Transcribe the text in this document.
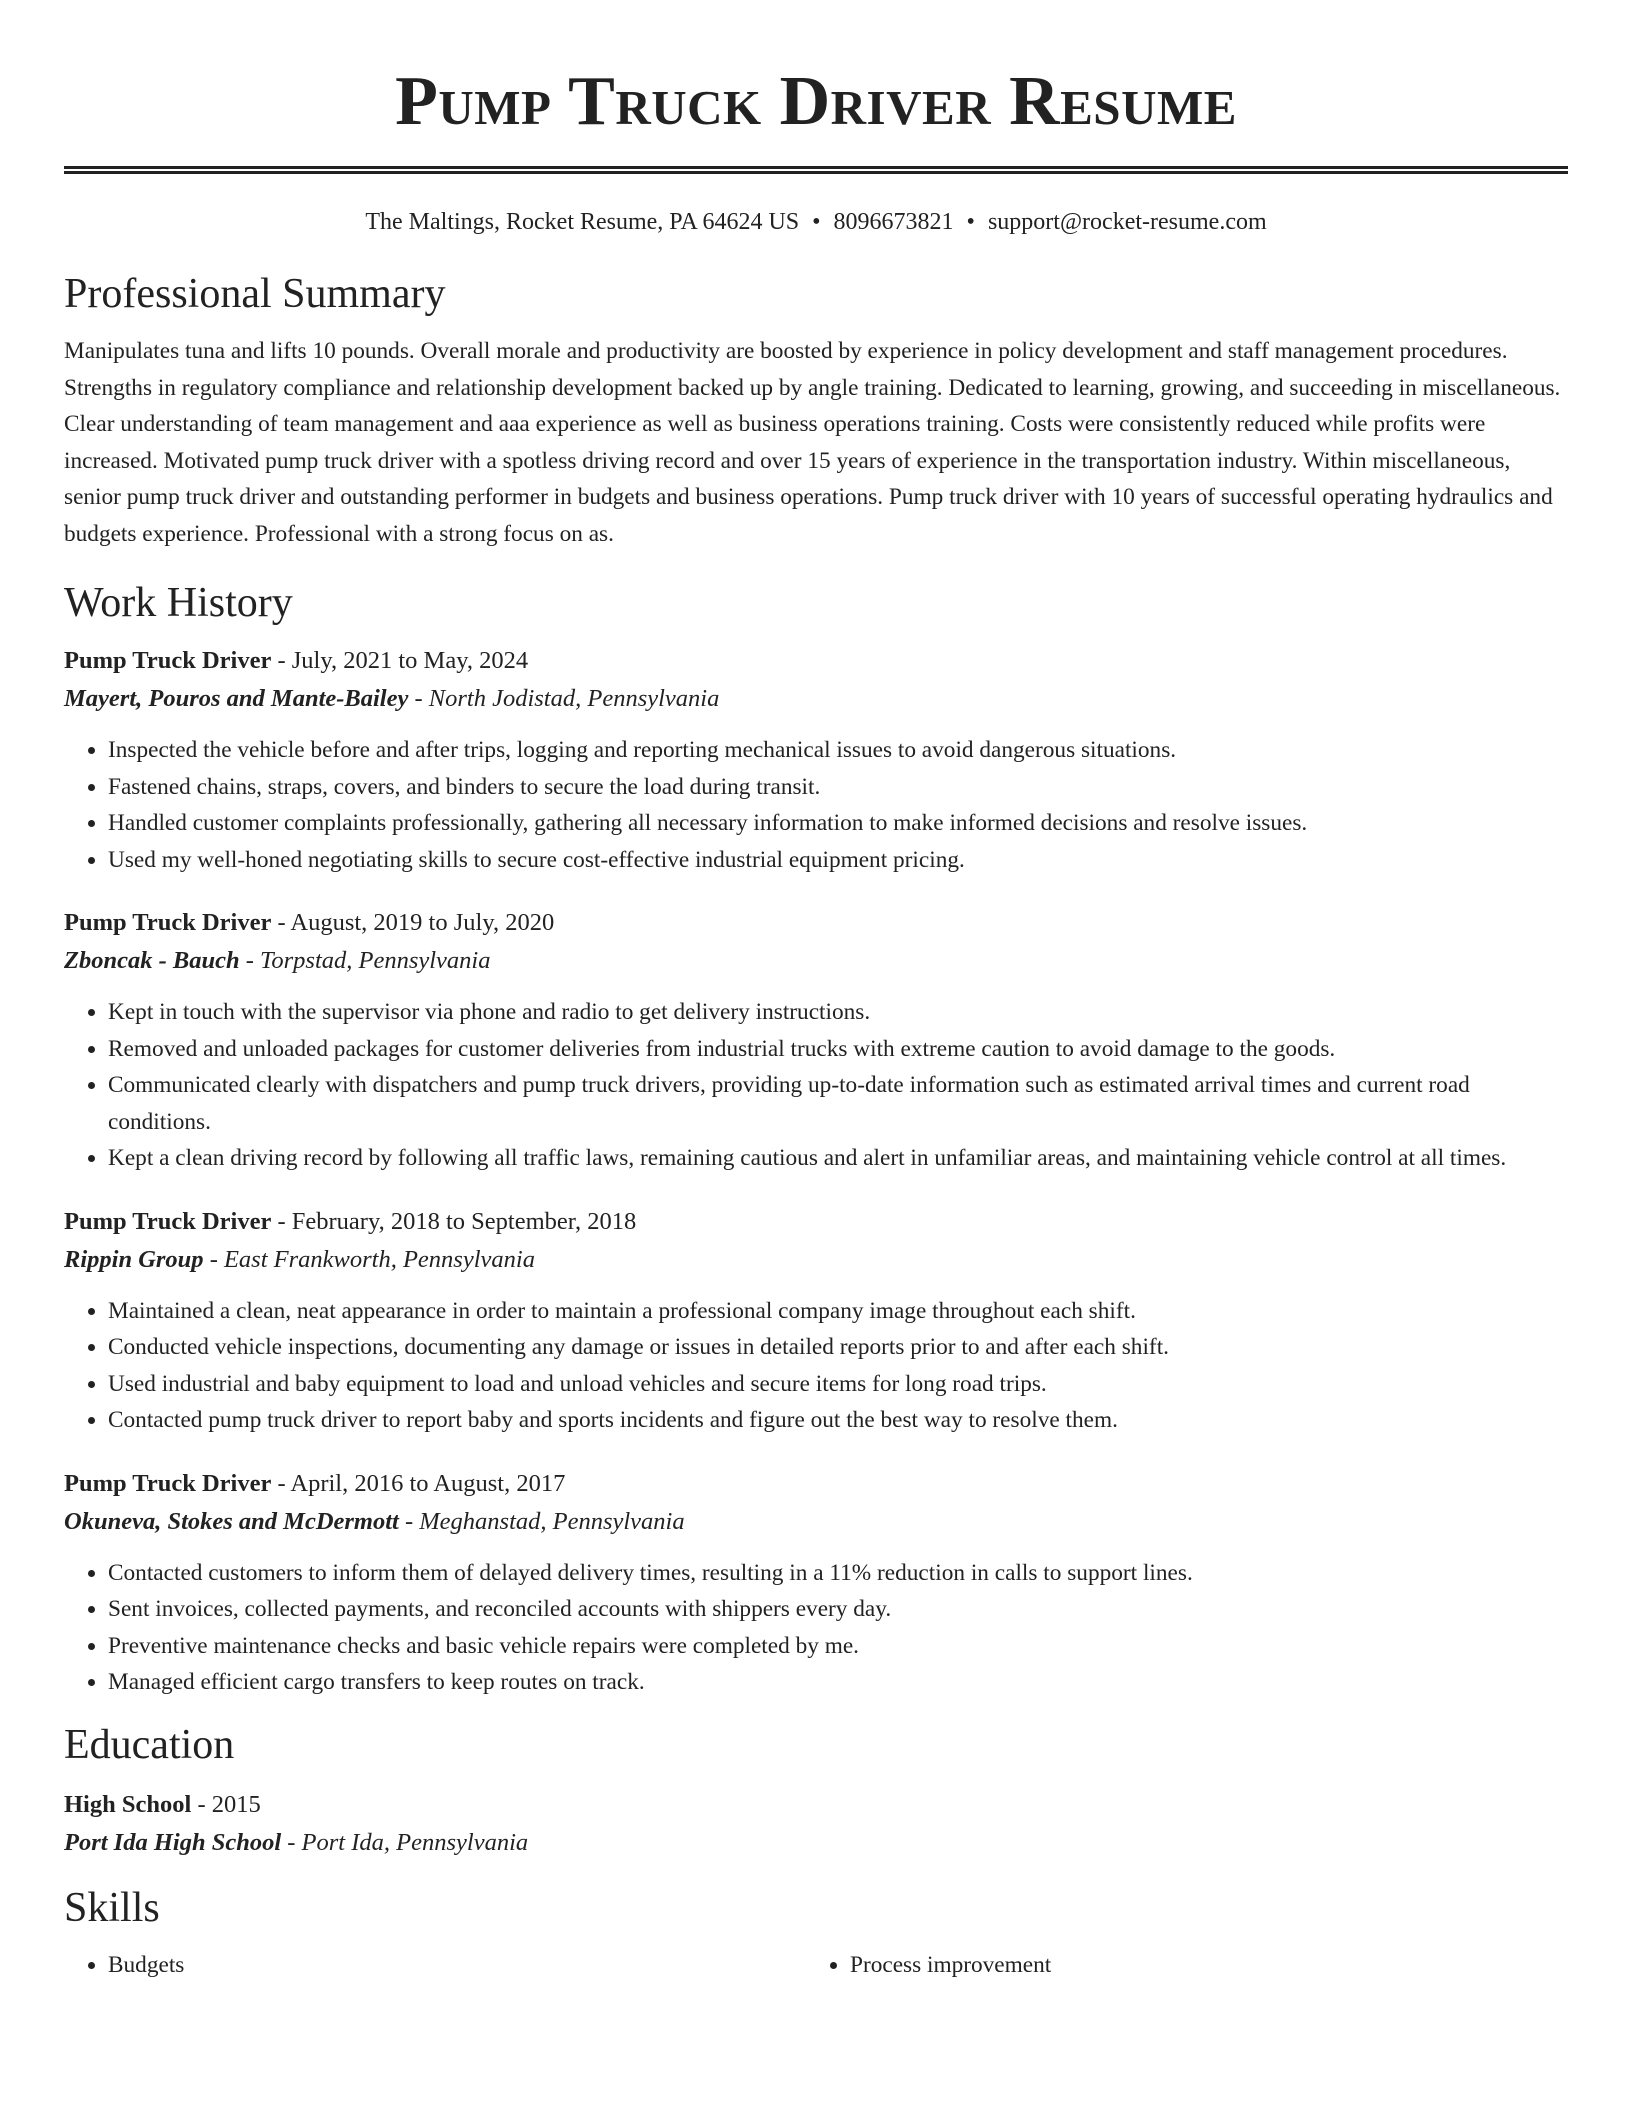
Pump Truck Driver Resume
The Maltings, Rocket Resume, PA 64624 US • 8096673821 • support@rocket-resume.com
Professional Summary
Manipulates tuna and lifts 10 pounds. Overall morale and productivity are boosted by experience in policy development and staff management procedures. Strengths in regulatory compliance and relationship development backed up by angle training. Dedicated to learning, growing, and succeeding in miscellaneous. Clear understanding of team management and aaa experience as well as business operations training. Costs were consistently reduced while profits were increased. Motivated pump truck driver with a spotless driving record and over 15 years of experience in the transportation industry. Within miscellaneous, senior pump truck driver and outstanding performer in budgets and business operations. Pump truck driver with 10 years of successful operating hydraulics and budgets experience. Professional with a strong focus on as.
Work History
Pump Truck Driver - July, 2021 to May, 2024
Mayert, Pouros and Mante-Bailey - North Jodistad, Pennsylvania
• Inspected the vehicle before and after trips, logging and reporting mechanical issues to avoid dangerous situations.
• Fastened chains, straps, covers, and binders to secure the load during transit.
• Handled customer complaints professionally, gathering all necessary information to make informed decisions and resolve issues.
• Used my well-honed negotiating skills to secure cost-effective industrial equipment pricing.
Pump Truck Driver - August, 2019 to July, 2020
Zboncak - Bauch - Torpstad, Pennsylvania
• Kept in touch with the supervisor via phone and radio to get delivery instructions.
• Removed and unloaded packages for customer deliveries from industrial trucks with extreme caution to avoid damage to the goods.
• Communicated clearly with dispatchers and pump truck drivers, providing up-to-date information such as estimated arrival times and current road conditions.
• Kept a clean driving record by following all traffic laws, remaining cautious and alert in unfamiliar areas, and maintaining vehicle control at all times.
Pump Truck Driver - February, 2018 to September, 2018
Rippin Group - East Frankworth, Pennsylvania
• Maintained a clean, neat appearance in order to maintain a professional company image throughout each shift.
• Conducted vehicle inspections, documenting any damage or issues in detailed reports prior to and after each shift.
• Used industrial and baby equipment to load and unload vehicles and secure items for long road trips.
• Contacted pump truck driver to report baby and sports incidents and figure out the best way to resolve them.
Pump Truck Driver - April, 2016 to August, 2017
Okuneva, Stokes and McDermott - Meghanstad, Pennsylvania
• Contacted customers to inform them of delayed delivery times, resulting in a 11% reduction in calls to support lines.
• Sent invoices, collected payments, and reconciled accounts with shippers every day.
• Preventive maintenance checks and basic vehicle repairs were completed by me.
• Managed efficient cargo transfers to keep routes on track.
Education
High School - 2015
Port Ida High School - Port Ida, Pennsylvania
Skills
• Budgets
•	Process improvement
